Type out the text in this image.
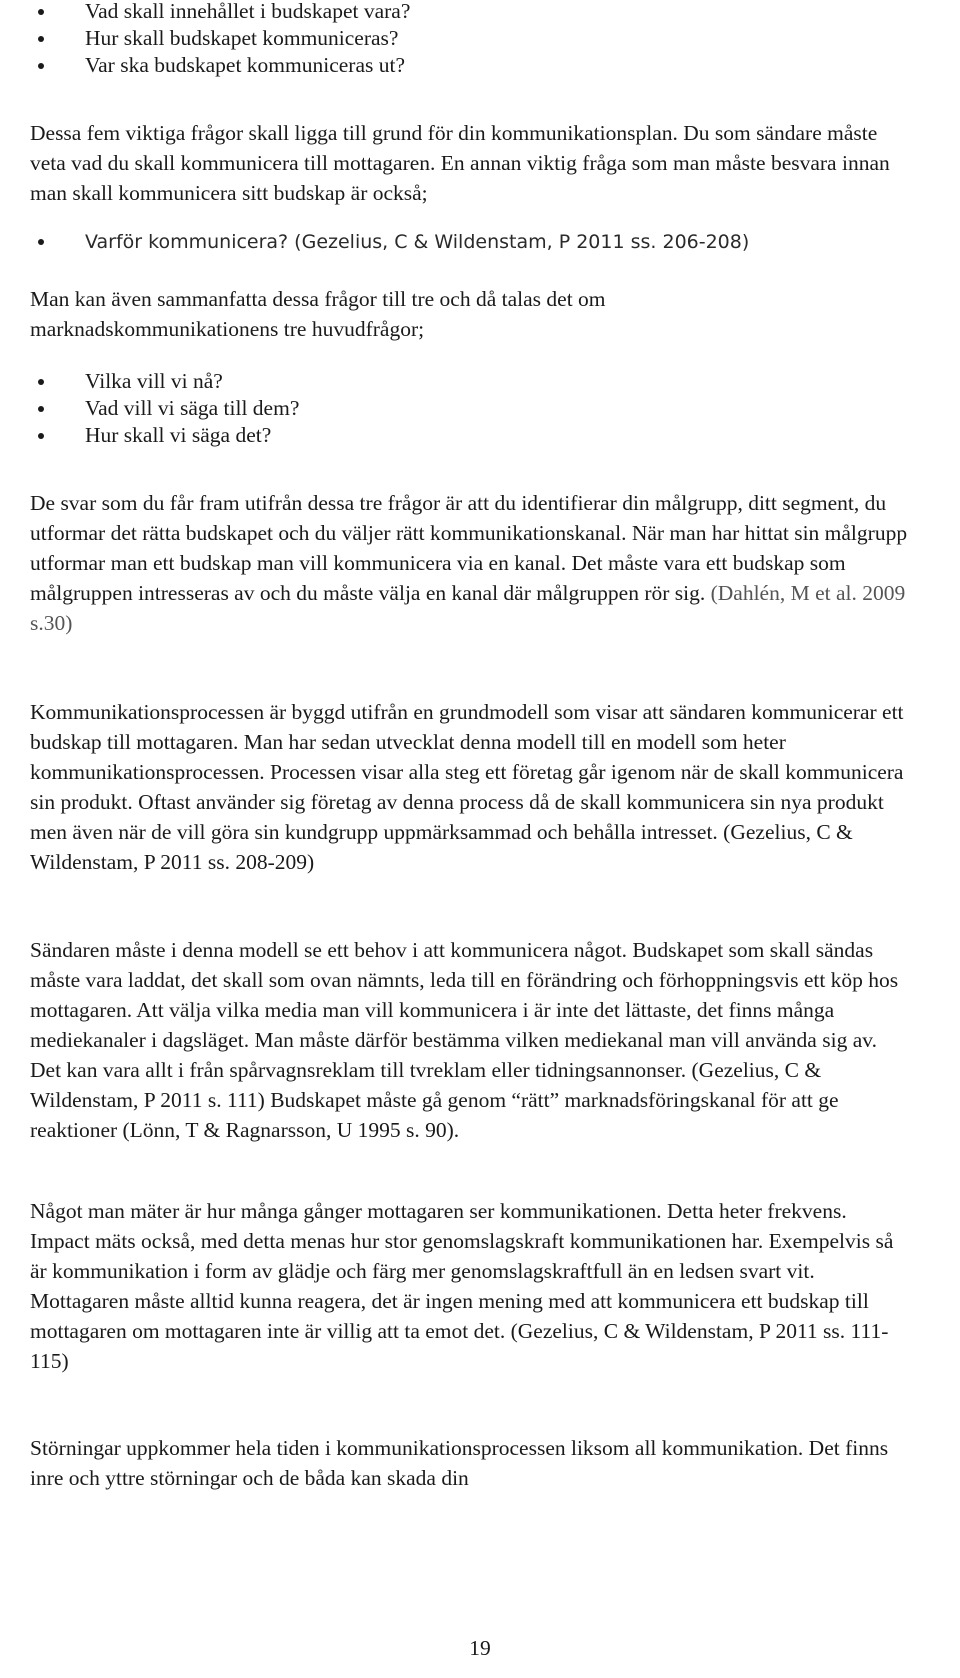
Vad skall innehållet i budskapet vara?
Hur skall budskapet kommuniceras?
Var ska budskapet kommuniceras ut?

Dessa fem viktiga frågor skall ligga till grund för din kommunikationsplan. Du som sändare måste veta vad du skall kommunicera till mottagaren. En annan viktig fråga som man måste besvara innan man skall kommunicera sitt budskap är också;

Varför kommunicera? (Gezelius, C & Wildenstam, P 2011 ss. 206-208)

Man kan även sammanfatta dessa frågor till tre och då talas det om marknadskommunikationens tre huvudfrågor;

Vilka vill vi nå?
Vad vill vi säga till dem?
Hur skall vi säga det?

De svar som du får fram utifrån dessa tre frågor är att du identifierar din målgrupp, ditt segment, du utformar det rätta budskapet och du väljer rätt kommunikationskanal. När man har hittat sin målgrupp utformar man ett budskap man vill kommunicera via en kanal. Det måste vara ett budskap som målgruppen intresseras av och du måste välja en kanal där målgruppen rör sig. (Dahlén, M et al. 2009 s.30)

Kommunikationsprocessen är byggd utifrån en grundmodell som visar att sändaren kommunicerar ett budskap till mottagaren. Man har sedan utvecklat denna modell till en modell som heter kommunikationsprocessen. Processen visar alla steg ett företag går igenom när de skall kommunicera sin produkt. Oftast använder sig företag av denna process då de skall kommunicera sin nya produkt men även när de vill göra sin kundgrupp uppmärksammad och behålla intresset. (Gezelius, C & Wildenstam, P 2011 ss. 208-209)

Sändaren måste i denna modell se ett behov i att kommunicera något. Budskapet som skall sändas måste vara laddat, det skall som ovan nämnts, leda till en förändring och förhoppningsvis ett köp hos mottagaren. Att välja vilka media man vill kommunicera i är inte det lättaste, det finns många mediekanaler i dagsläget. Man måste därför bestämma vilken mediekanal man vill använda sig av. Det kan vara allt i från spårvagnsreklam till tvreklam eller tidningsannonser. (Gezelius, C & Wildenstam, P 2011 s. 111) Budskapet måste gå genom “rätt” marknadsföringskanal för att ge reaktioner (Lönn, T & Ragnarsson, U 1995 s. 90).

Något man mäter är hur många gånger mottagaren ser kommunikationen. Detta heter frekvens. Impact mäts också, med detta menas hur stor genomslagskraft kommunikationen har. Exempelvis så är kommunikation i form av glädje och färg mer genomslagskraftfull än en ledsen svart vit. Mottagaren måste alltid kunna reagera, det är ingen mening med att kommunicera ett budskap till mottagaren om mottagaren inte är villig att ta emot det. (Gezelius, C & Wildenstam, P 2011 ss. 111-115)

Störningar uppkommer hela tiden i kommunikationsprocessen liksom all kommunikation. Det finns inre och yttre störningar och de båda kan skada din

19
